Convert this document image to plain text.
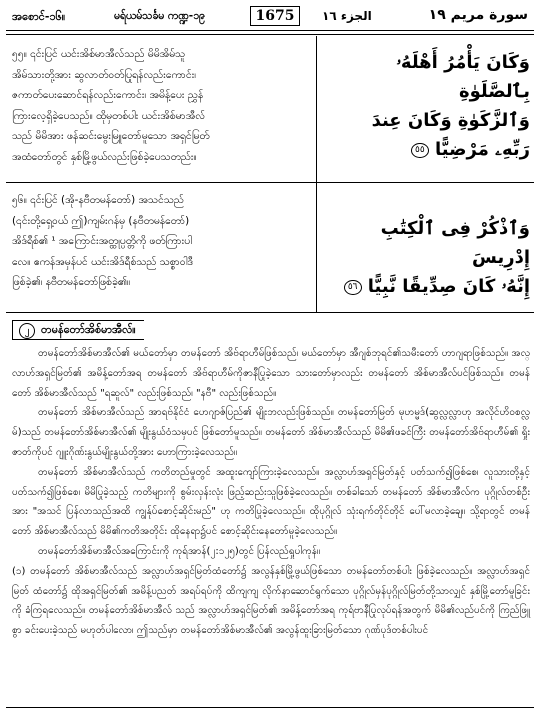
အစောင်-၁၆။	မရ်ယမ်သင်္ခမ ကဏ္ဍ-၁၉	1675	الجزء ١٦	سورة مريم ١٩
၅၅။ ၎င်းပြင် ယင်းအိစ်မာအီလ်သည် မိမိအိမ်သူ
အိမ်သားတို့အား ဆွလာတ်ဝတ်ပြုရန်လည်းကောင်း၊
ဇကာတ်ပေးဆောင်ရန်လည်းကောင်း၊ အမိန့်ပေး ညွှန်
ကြားလေ့ရှိခဲ့ပေသည်။ ထိုမှတစ်ပါး ယင်းအိစ်မာအီလ်
သည် မိမိအား ဖန်ဆင်းမွေးမြူတော်မူသော အရှင်မြတ်
အထံတော်တွင် နှစ်မြို့ဖွယ်လည်းဖြစ်ခဲ့ပေသတည်း။
وَكَانَ يَأْمُرُ أَهْلَهُۥ بِٱلصَّلَوٰةِ
وَٱلزَّكَوٰةِ وَكَانَ عِندَ
رَبِّهِۦ مَرْضِيًّا ٥٥
၅၆။ ၎င်းပြင် (အို-နဗီတမန်တော်) အသင်သည်
(၎င်းတို့ရှေ့ဝယ် ဤ)ကျမ်းဂန်မှ (နဗီတမန်တော်)
အိဒ်ရီစ်၏ ¹ အကြောင်းအတ္ထုပ္ပတ္တိကို ဖတ်ကြားပါ
လေ။ ဧကန်အမှန်ပင် ယင်းအိဒ်ရီစ်သည် သစ္စာဝါဒီ
ဖြစ်ခဲ့၏၊ နဗီတမန်တော်ဖြစ်ခဲ့၏။
وَٱذْكُرْ فِى ٱلْكِتَٰبِ إِدْرِيسَ
إِنَّهُۥ كَانَ صِدِّيقًا نَّبِيًّا ٥٦
၂ တမန်တော်အိစ်မာအီလ်။

တမန်တော်အိစ်မာအီလ်၏ မယ်တော်မှာ တမန်တော် အိဗ်ရာဟီမ်ဖြစ်သည်၊ မယ်တော်မှာ အီဂျစ်ဘုရင်၏သမီးတော် ဟာဂျရာဖြစ်သည်။ အလ္လာဟ်အရှင်မြတ်၏ အမိန့်တော်အရ တမန်တော် အိဗ်ရာဟီမ်ကိုဇာနီပြုခဲ့သော သားတော်မှာလည်း တမန်တော် အိစ်မာအီလ်ပင်ဖြစ်သည်။ တမန်တော် အိစ်မာအီလ်သည် "ရဆူလ်" လည်းဖြစ်သည်၊ "နဗီ" လည်းဖြစ်သည်။

တမန်တော် အိစ်မာအီလ်သည် အာရဗ်နိုင်ငံ ဟေဂျာဇ်ပြည်၏ မျိုးဘလည်းဖြစ်သည်။ တမန်တော်မြတ် မုဟမ္မဒ်(ဆွလ္လလ္လာဟု အလိုင်ဟိဝစလ္လမ်)သည် တမန်တော်အိစ်မာအီလ်၏ မျိုးနွယ်ဝံသမှပင် ဖြစ်တော်မူသည်။ တမန်တော် အိစ်မာအီလ်သည် မိမိ၏ဖခင်ကြီး တမန်တော်အိဗ်ရာဟီမ်၏ ရှိုးဇာတ်ကိုပင် ဂျူးဂိုဏ်းနွယ်မျိုးနွယ်တို့အား ဟောကြားခဲ့လေသည်။

တမန်တော် အိစ်မာအီလ်သည် ကတိတည်မှုတွင် အထူးကျော်ကြားခဲ့လေသည်။ အလ္လာဟ်အရှင်မြတ်နှင့် ပတ်သက်၍ဖြစ်စေ၊ လူသားတို့နှင့်ပတ်သက်၍ဖြစ်စေ၊ မိမိပြုခဲ့သည့် ကတိများကို စွမ်းလှန်းလုံး ဖြည့်ဆည်းသူဖြစ်ခဲ့လေသည်။ တစ်ခါသော် တမန်တော် အိစ်မာအီလ်က ပုဂ္ဂိုလ်တစ်ဦးအား "အသင် ပြန်လာသည်အထိ ကျွန်ုပ်စောင့်ဆိုင်းမည်" ဟု ကတိပြုခဲ့လေသည်။ ထိုပုဂ္ဂိုလ် သုံးရက်တိုင်တိုင် ပေါ်မလာခဲ့ချေ။ သို့ရာတွင် တမန်တော် အိစ်မာအီလ်သည် မိမိ၏ကတိအတိုင်း ထိုနေရာ၌ပင် စောင့်ဆိုင်းနေတော်မူခဲ့လေသည်။

တမန်တော်အိစ်မာအီလ်အကြောင်းကို ကုရ်အာန်(၂:၁၂၅)တွင် ပြန်လည်ရှုပါကုန်။

(၁) တမန်တော် အိစ်မာအီလ်သည် အလ္လာဟ်အရှင်မြတ်ထံတော်၌ အလွန်နှစ်မြို့ဖွယ်ဖြစ်သော တမန်တော်တစ်ပါး ဖြစ်ခဲ့လေသည်။ အလ္လာဟ်အရှင်မြတ် ထံတော်၌ ထိုအရှင်မြတ်၏ အမိန့်ပညတ် အရပ်ရပ်ကို ထိကျကျ လိုက်နာဆောင်ရွက်သော ပုဂ္ဂိုလ်မှန်ပုဂ္ဂိုလ်မြတ်တို့သာလျှင် နှစ်မြို့တော်မူခြင်းကို ခံကြရလေသည်။ တမန်တော်အိစ်မာအီလ် သည် အလ္လာဟ်အရှင်မြတ်၏ အမိန့်တော်အရ ကုရ်ဗာနီပြုလုပ်ရန်အတွက် မိမိ၏လည်ပင်ကို ကြည်ဖြူစွာ ခင်းပေးခဲ့သည် မဟုတ်ပါလော၊ ဤသည်မှာ တမန်တော်အိစ်မာအီလ်၏ အလွန်ထူးခြားမြတ်သော ဂုဏ်ပုဒ်တစ်ပါးပင်
